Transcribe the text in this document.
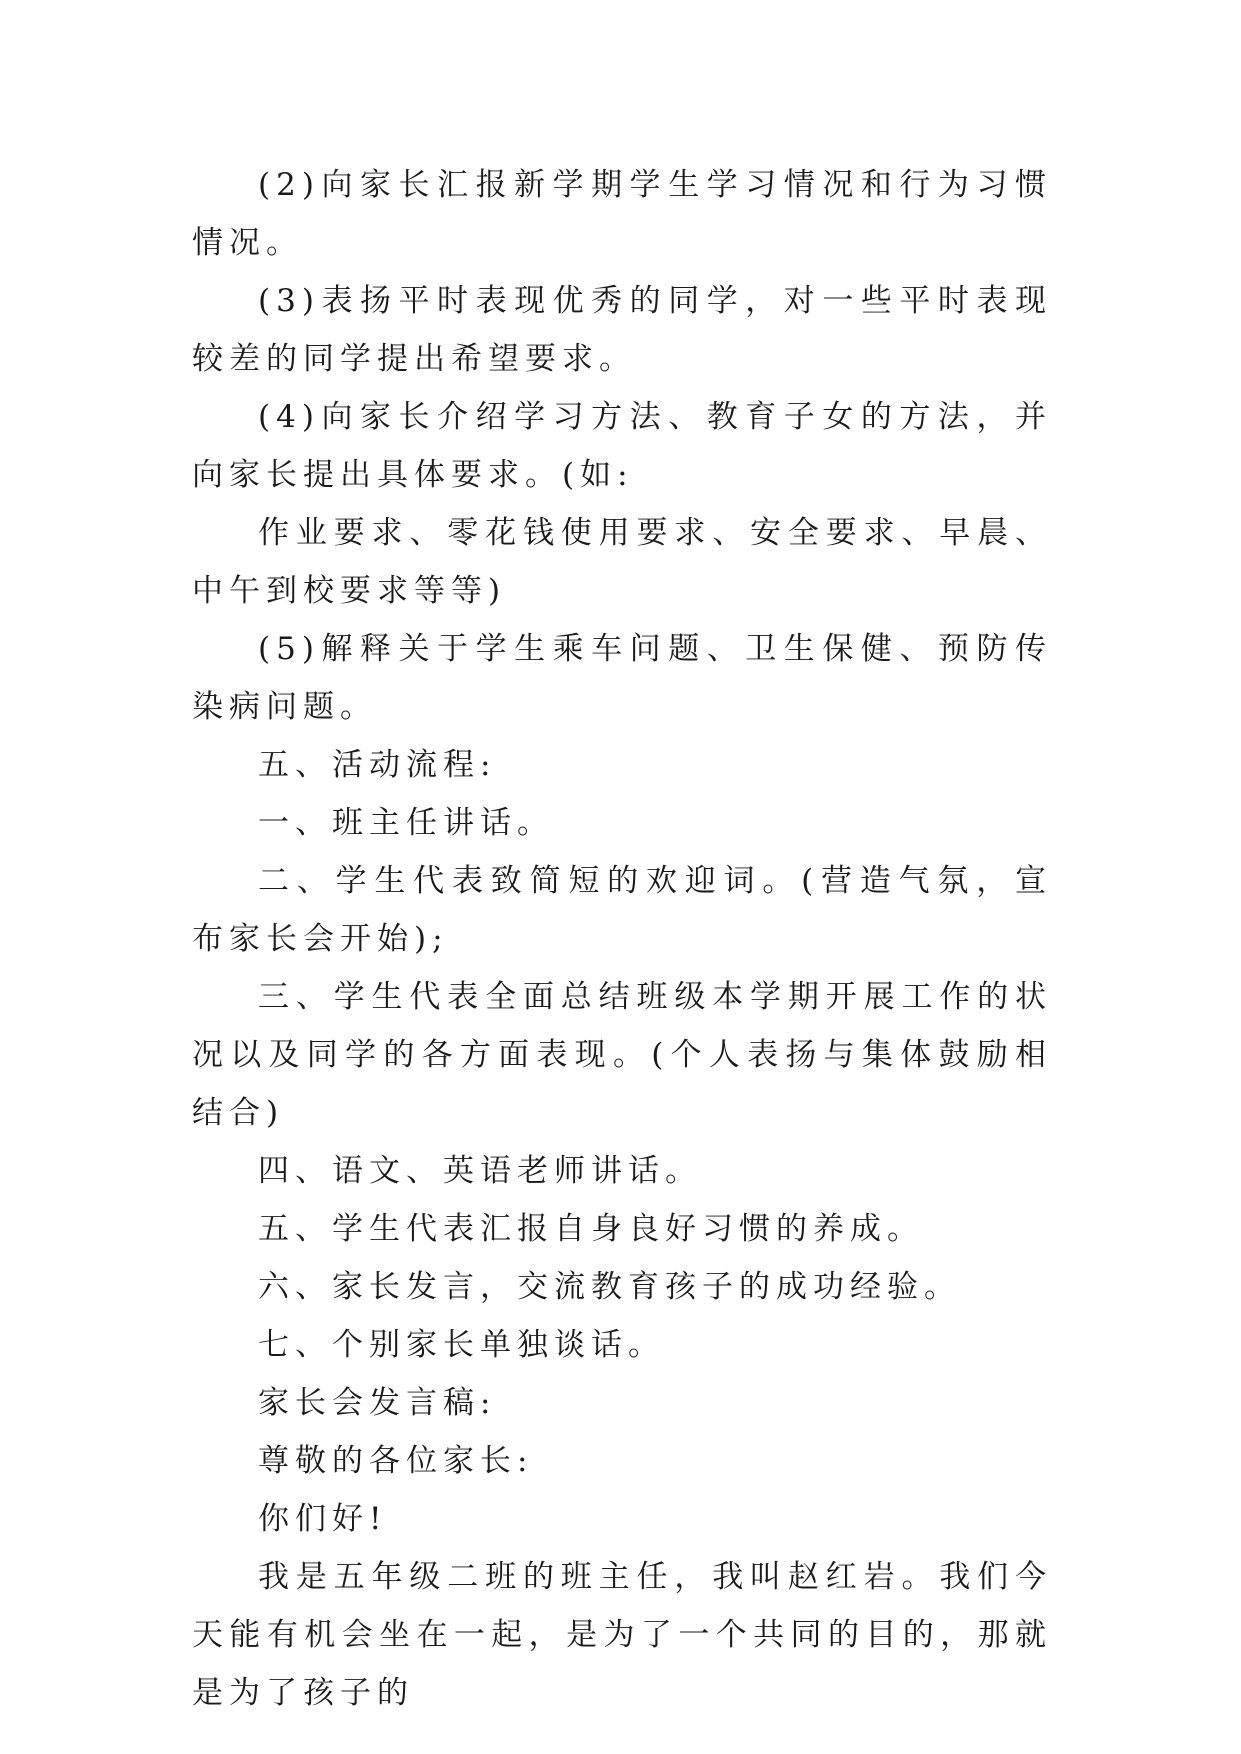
(2)向家长汇报新学期学生学习情况和行为习惯情况。

(3)表扬平时表现优秀的同学，对一些平时表现较差的同学提出希望要求。

(4)向家长介绍学习方法、教育子女的方法，并向家长提出具体要求。(如:

作业要求、零花钱使用要求、安全要求、早晨、中午到校要求等等)

(5)解释关于学生乘车问题、卫生保健、预防传染病问题。

五、活动流程:

一、班主任讲话。

二、学生代表致简短的欢迎词。(营造气氛，宣布家长会开始);

三、学生代表全面总结班级本学期开展工作的状况以及同学的各方面表现。(个人表扬与集体鼓励相结合)

四、语文、英语老师讲话。

五、学生代表汇报自身良好习惯的养成。

六、家长发言，交流教育孩子的成功经验。

七、个别家长单独谈话。

家长会发言稿:

尊敬的各位家长:

你们好!

我是五年级二班的班主任，我叫赵红岩。我们今天能有机会坐在一起，是为了一个共同的目的，那就是为了孩子的
